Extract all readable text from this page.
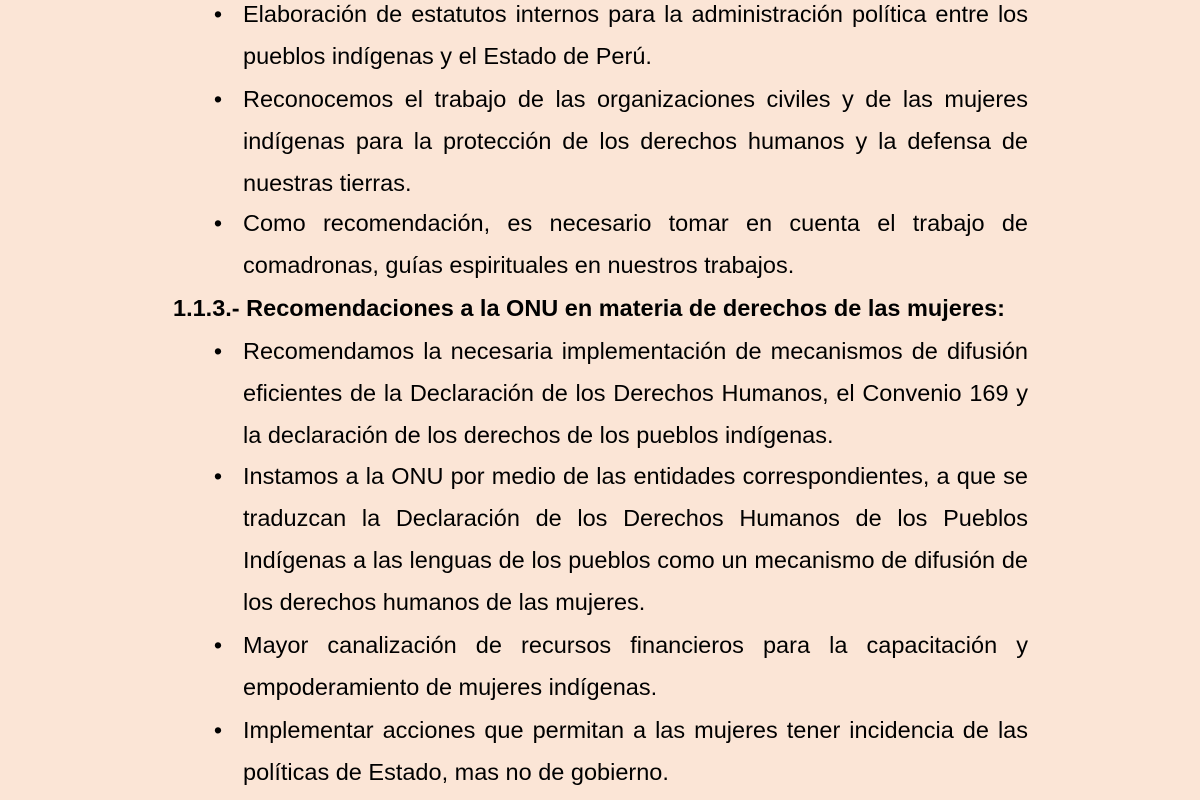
• Elaboración de estatutos internos para la administración política entre los pueblos indígenas y el Estado de Perú.
• Reconocemos el trabajo de las organizaciones civiles y de las mujeres indígenas para la protección de los derechos humanos y la defensa de nuestras tierras.
• Como recomendación, es necesario tomar en cuenta el trabajo de comadronas, guías espirituales en nuestros trabajos.
1.1.3.- Recomendaciones a la ONU en materia de derechos de las mujeres:
• Recomendamos la necesaria implementación de mecanismos de difusión eficientes de la Declaración de los Derechos Humanos, el Convenio 169 y la declaración de los derechos de los pueblos indígenas.
• Instamos a la ONU por medio de las entidades correspondientes, a que se traduzcan la Declaración de los Derechos Humanos de los Pueblos Indígenas a las lenguas de los pueblos como un mecanismo de difusión de los derechos humanos de las mujeres.
• Mayor canalización de recursos financieros para la capacitación y empoderamiento de mujeres indígenas.
• Implementar acciones que permitan a las mujeres tener incidencia de las políticas de Estado, mas no de gobierno.
